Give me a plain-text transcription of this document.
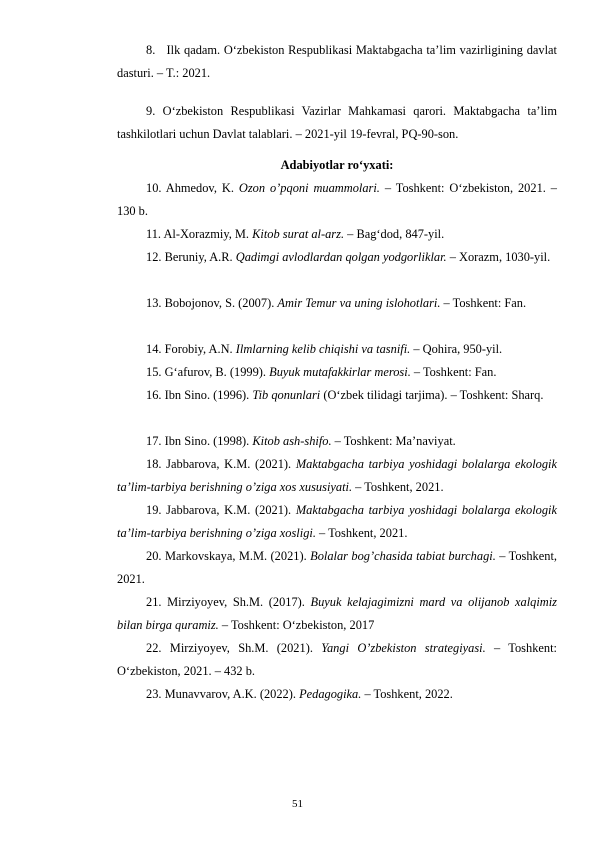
8. Ilk qadam. O‘zbekiston Respublikasi Maktabgacha ta’lim vazirligining davlat dasturi. – T.: 2021.

9. O‘zbekiston Respublikasi Vazirlar Mahkamasi qarori. Maktabgacha ta’lim tashkilotlari uchun Davlat talablari. – 2021-yil 19-fevral, PQ-90-son.

Adabiyotlar ro‘yxati:

10. Ahmedov, K. Ozon o’pqoni muammolari. – Toshkent: O‘zbekiston, 2021. – 130 b.

11. Al-Xorazmiy, M. Kitob surat al-arz. – Bag‘dod, 847-yil.

12. Beruniy, A.R. Qadimgi avlodlardan qolgan yodgorliklar. – Xorazm, 1030-yil.

13. Bobojonov, S. (2007). Amir Temur va uning islohotlari. – Toshkent: Fan.

14. Forobiy, A.N. Ilmlarning kelib chiqishi va tasnifi. – Qohira, 950-yil.

15. G‘afurov, B. (1999). Buyuk mutafakkirlar merosi. – Toshkent: Fan.

16. Ibn Sino. (1996). Tib qonunlari (O‘zbek tilidagi tarjima). – Toshkent: Sharq.

17. Ibn Sino. (1998). Kitob ash-shifo. – Toshkent: Ma’naviyat.

18. Jabbarova, K.M. (2021). Maktabgacha tarbiya yoshidagi bolalarga ekologik ta’lim-tarbiya berishning o’ziga xos xususiyati. – Toshkent, 2021.

19. Jabbarova, K.M. (2021). Maktabgacha tarbiya yoshidagi bolalarga ekologik ta’lim-tarbiya berishning o’ziga xosligi. – Toshkent, 2021.

20. Markovskaya, M.M. (2021). Bolalar bog’chasida tabiat burchagi. – Toshkent, 2021.

21. Mirziyoyev, Sh.M. (2017). Buyuk kelajagimizni mard va olijanob xalqimiz bilan birga quramiz. – Toshkent: O‘zbekiston, 2017

22. Mirziyoyev, Sh.M. (2021). Yangi O’zbekiston strategiyasi. – Toshkent: O‘zbekiston, 2021. – 432 b.

23. Munavvarov, A.K. (2022). Pedagogika. – Toshkent, 2022.

51
